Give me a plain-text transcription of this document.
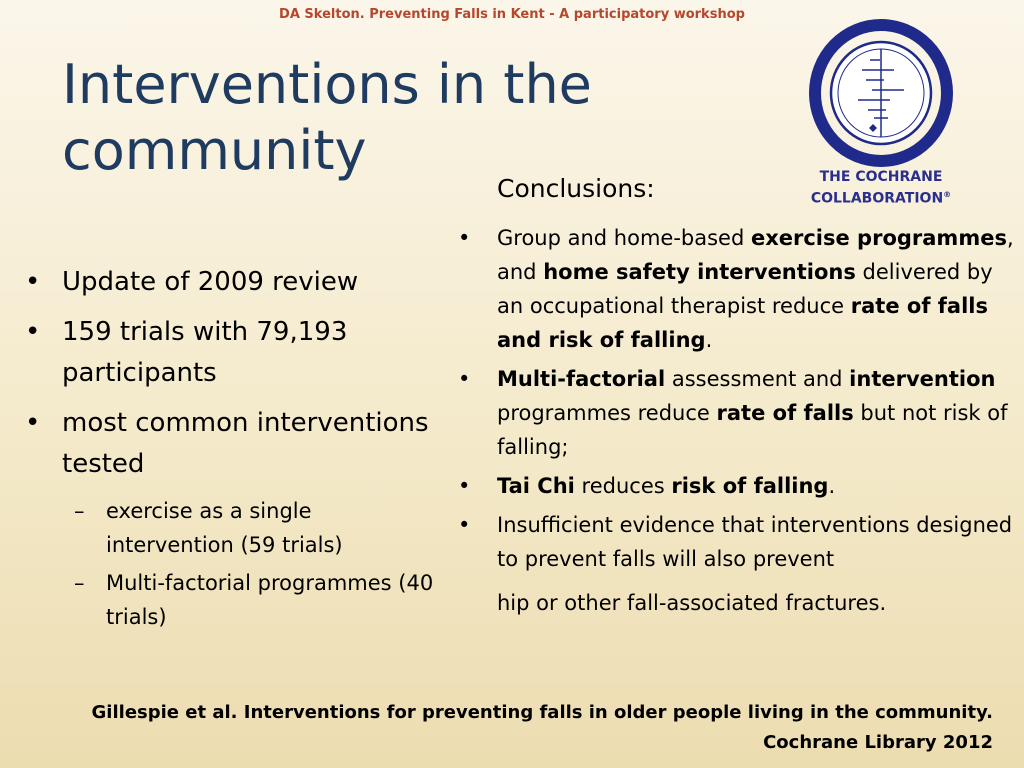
DA Skelton. Preventing Falls in Kent - A participatory workshop
Interventions in the
community
• Update of 2009 review
• 159 trials with 79,193 participants
• most common interventions tested
– exercise as a single intervention (59 trials)
– Multi-factorial programmes (40 trials)
THE COCHRANE
COLLABORATION®
Conclusions:
• Group and home-based exercise programmes, and home safety interventions delivered by an occupational therapist reduce rate of falls and risk of falling.
• Multi-factorial assessment and intervention programmes reduce rate of falls but not risk of falling;
• Tai Chi reduces risk of falling.
• Insufficient evidence that interventions designed to prevent falls will also prevent
hip or other fall-associated fractures.
Gillespie et al. Interventions for preventing falls in older people living in the community.
Cochrane Library 2012
